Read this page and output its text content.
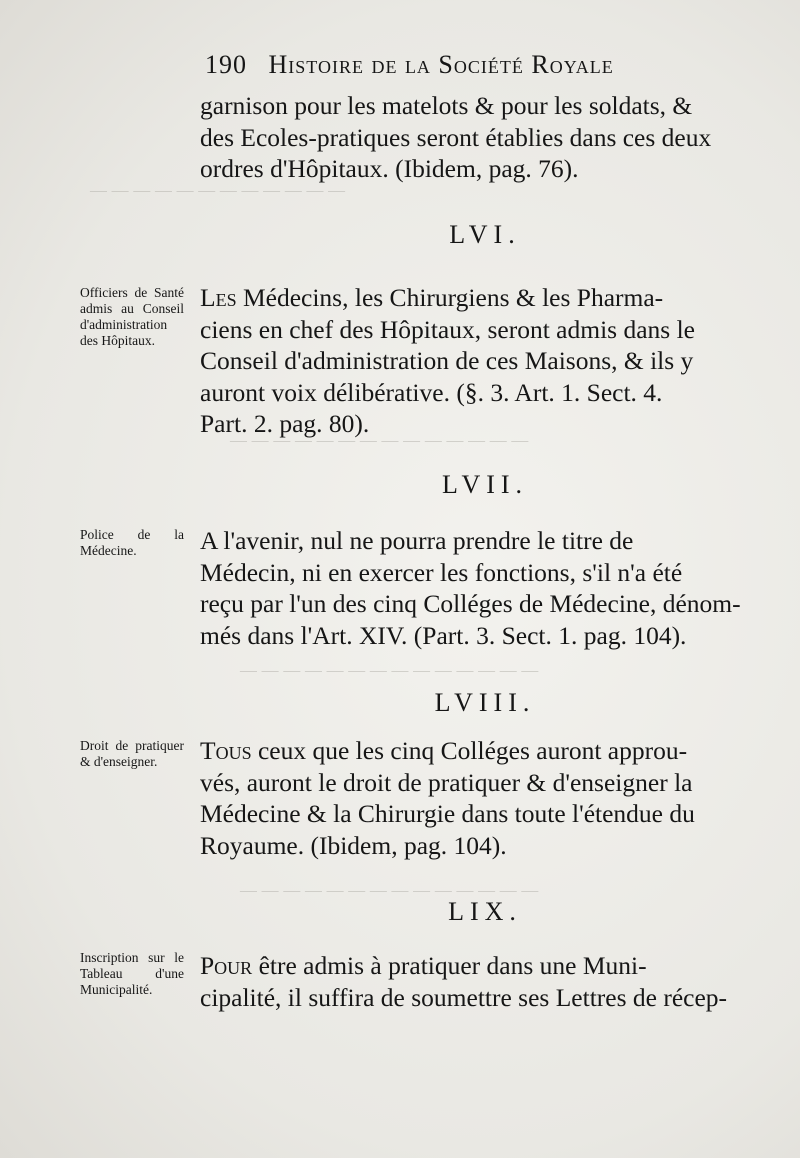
— — — — — — — — — — — —
— — — — — — — — — — — — — —
— — — — — — — — — — — — — —
— — — — — — — — — — — — — —
190 Histoire de la Société Royale
garnison pour les matelots & pour les soldats, &
des Ecoles-pratiques seront établies dans ces deux
ordres d'Hôpitaux. (Ibidem, pag. 76).
LVI.
Officiers de Santé admis au Conseil d'administration des Hôpitaux.
Les Médecins, les Chirurgiens & les Pharma-
ciens en chef des Hôpitaux, seront admis dans le
Conseil d'administration de ces Maisons, & ils y
auront voix délibérative. (§. 3. Art. 1. Sect. 4.
Part. 2. pag. 80).
LVII.
Police de la Médecine.	A l'avenir, nul ne pourra prendre le titre de
Médecin, ni en exercer les fonctions, s'il n'a été
reçu par l'un des cinq Colléges de Médecine, dénom-
més dans l'Art. XIV. (Part. 3. Sect. 1. pag. 104).
LVIII.
Droit de pratiquer & d'enseigner.	Tous ceux que les cinq Colléges auront approu-
vés, auront le droit de pratiquer & d'enseigner la
Médecine & la Chirurgie dans toute l'étendue du
Royaume. (Ibidem, pag. 104).
LIX.
Inscription sur le Tableau d'une Municipalité.
Pour être admis à pratiquer dans une Muni-
cipalité, il suffira de soumettre ses Lettres de récep-
